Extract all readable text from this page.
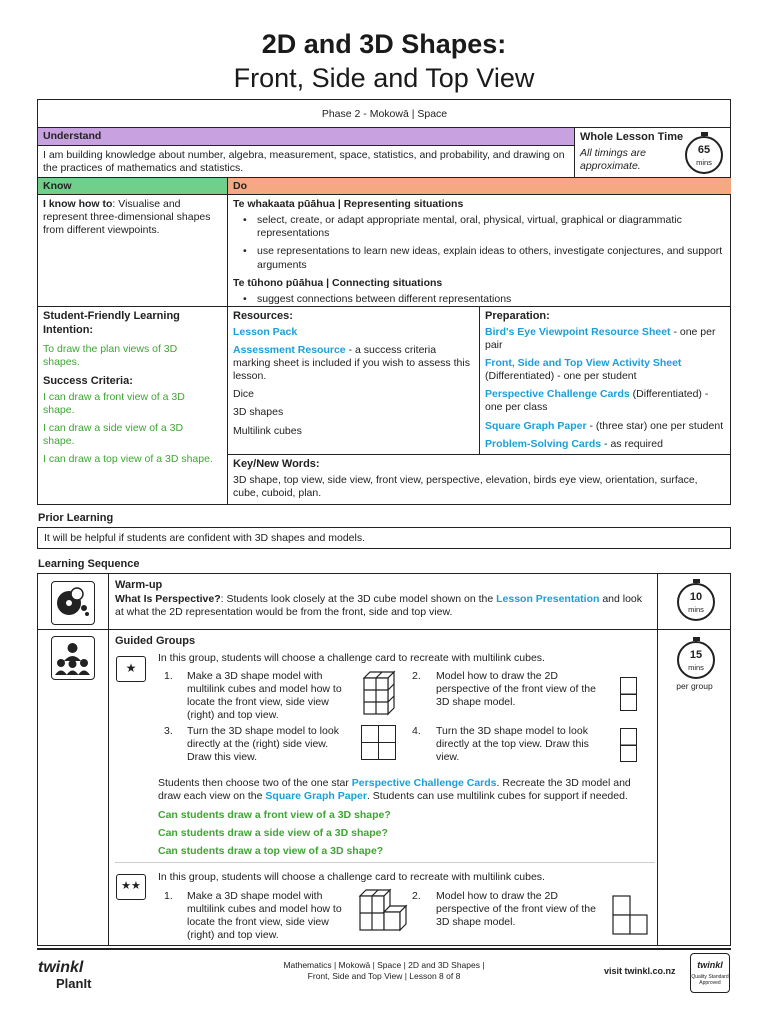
2D and 3D Shapes:
Front, Side and Top View
Phase 2 - Mokowā | Space
Understand
I am building knowledge about number, algebra, measurement, space, statistics, and probability, and drawing on the practices of mathematics and statistics.
Whole Lesson Time
All timings are approximate.
65
mins
Know	Do
I know how to: Visualise and represent three-dimensional shapes from different viewpoints.
Te whakaata pūāhua | Representing situations
• select, create, or adapt appropriate mental, oral, physical, virtual, graphical or diagrammatic representations
• use representations to learn new ideas, explain ideas to others, investigate conjectures, and support arguments
Te tūhono pūāhua | Connecting situations
• suggest connections between different representations
Student-Friendly Learning Intention:
To draw the plan views of 3D shapes.
Success Criteria:
I can draw a front view of a 3D shape.
I can draw a side view of a 3D shape.
I can draw a top view of a 3D shape.
Resources:

Lesson Pack

Assessment Resource - a success criteria marking sheet is included if you wish to assess this lesson.

Dice

3D shapes

Multilink cubes

Preparation:

Bird's Eye Viewpoint Resource Sheet - one per pair

Front, Side and Top View Activity Sheet (Differentiated) - one per student

Perspective Challenge Cards (Differentiated) - one per class

Square Graph Paper - (three star) one per student

Problem-Solving Cards - as required

Key/New Words:
3D shape, top view, side view, front view, perspective, elevation, birds eye view, orientation, surface, cube, cuboid, plan.
Prior Learning
It will be helpful if students are confident with 3D shapes and models.
Learning Sequence
Warm-up
What Is Perspective?: Students look closely at the 3D cube model shown on the Lesson Presentation and look at what the 2D representation would be from the front, side and top view.
10
mins
Guided Groups
15
mins
per group
★
In this group, students will choose a challenge card to recreate with multilink cubes.
1. Make a 3D shape model with multilink cubes and model how to locate the front view, side view (right) and top view.
2. Model how to draw the 2D perspective of the front view of the 3D shape model.
3. Turn the 3D shape model to look directly at the (right) side view. Draw this view.
4. Turn the 3D shape model to look directly at the top view. Draw this view.
Students then choose two of the one star Perspective Challenge Cards. Recreate the 3D model and draw each view on the Square Graph Paper. Students can use multilink cubes for support if needed.
Can students draw a front view of a 3D shape?
Can students draw a side view of a 3D shape?
Can students draw a top view of a 3D shape?
★★
In this group, students will choose a challenge card to recreate with multilink cubes.
1. Make a 3D shape model with multilink cubes and model how to locate the front view, side view (right) and top view.
2. Model how to draw the 2D perspective of the front view of the 3D shape model.
twinkl
PlanIt
Mathematics | Mokowā | Space | 2D and 3D Shapes |
Front, Side and Top View | Lesson 8 of 8	visit twinkl.co.nz
twinkl
Quality Standard Approved
